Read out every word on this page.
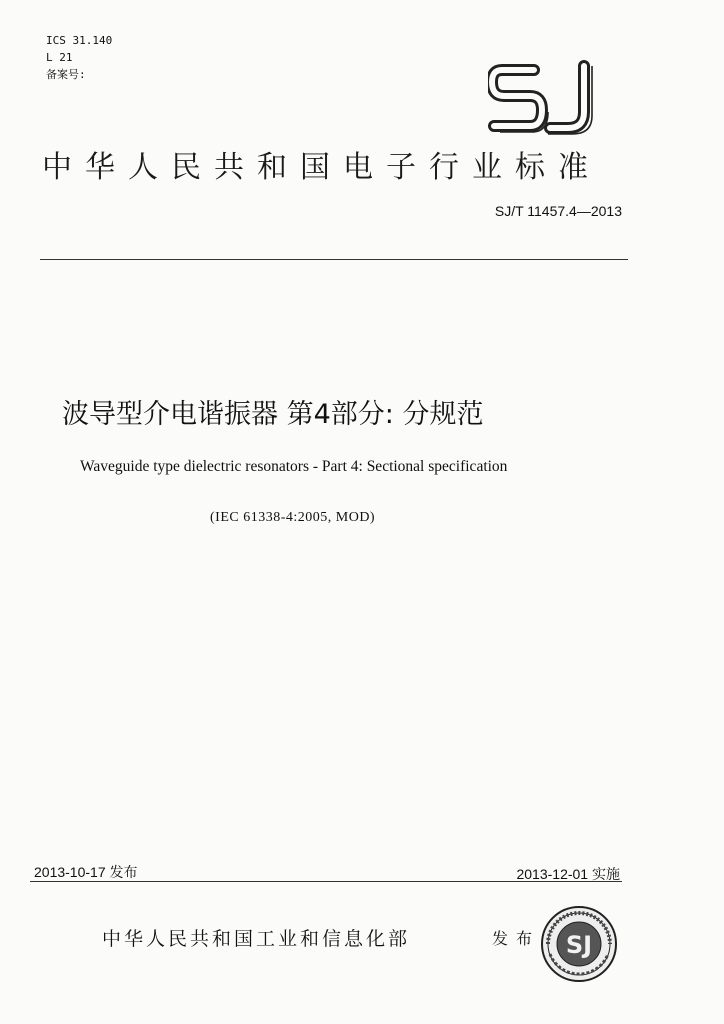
ICS 31.140
L 21
备案号:
中华人民共和国电子行业标准
SJ/T 11457.4—2013
波导型介电谐振器 第4部分: 分规范
Waveguide type dielectric resonators - Part 4: Sectional specification
(IEC 61338-4:2005, MOD)
2013-10-17 发布	2013-12-01 实施
中华人民共和国工业和信息化部	发布 SJ
